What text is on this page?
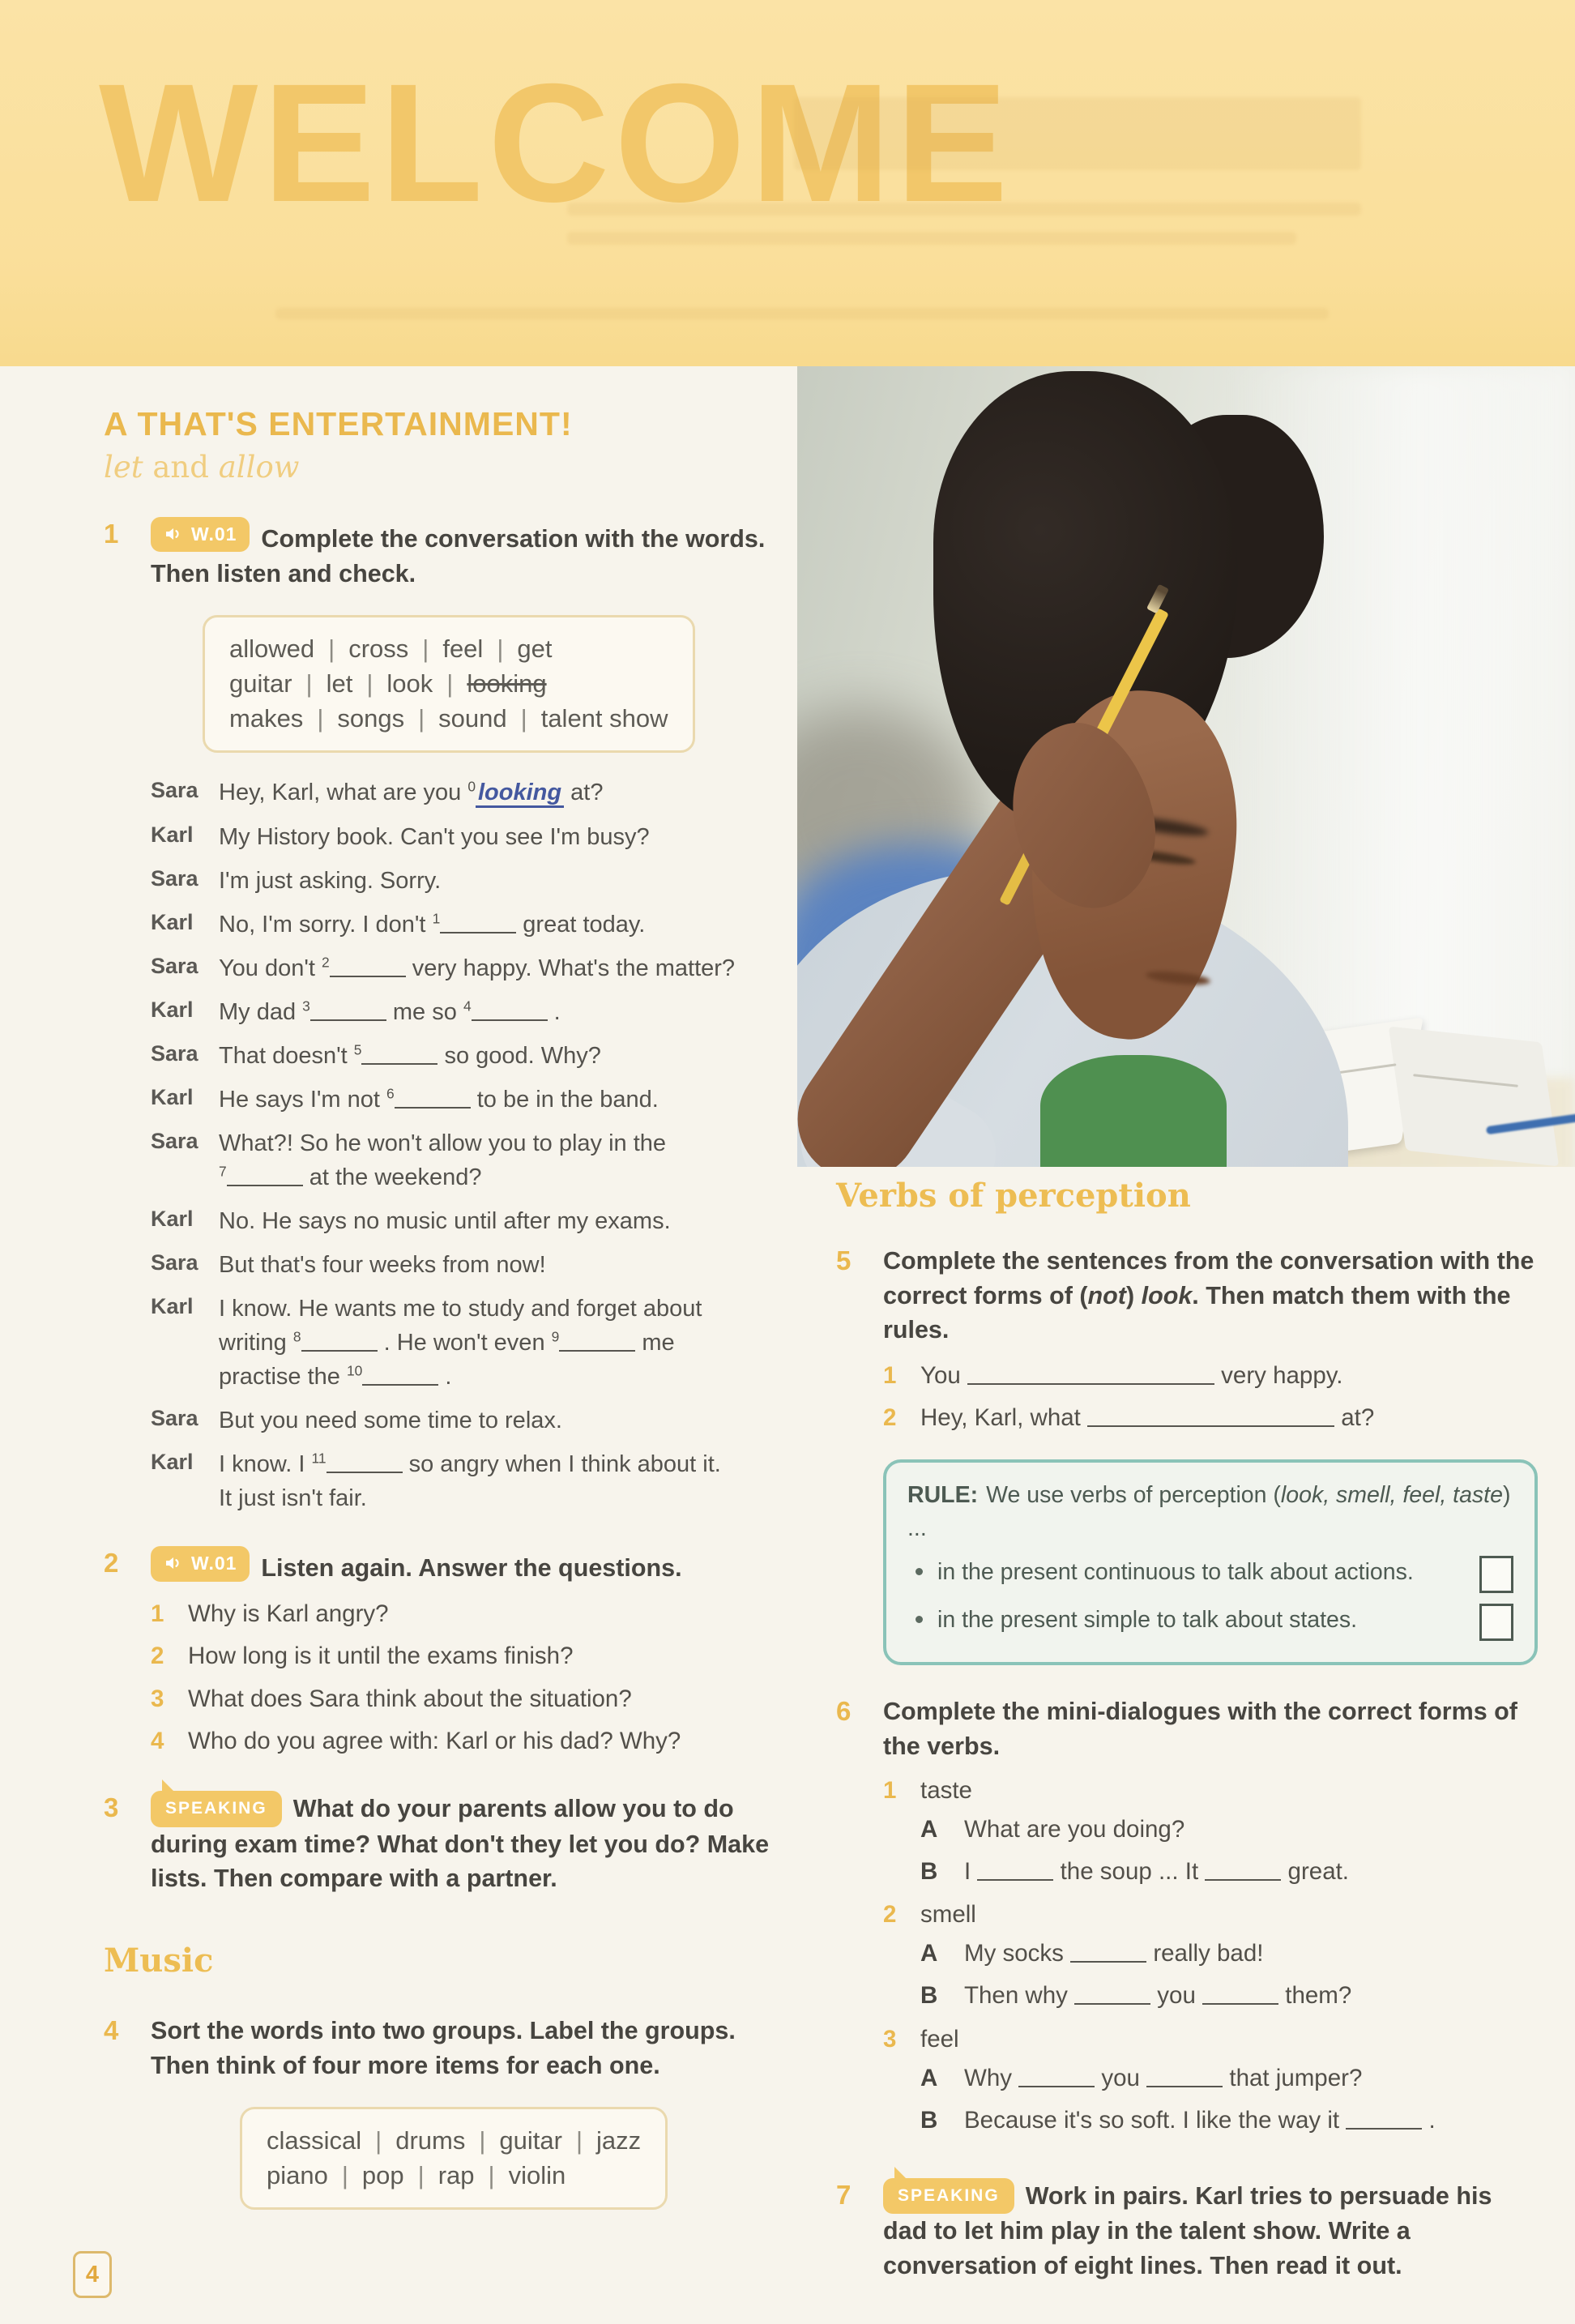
WELCOME
A THAT'S ENTERTAINMENT!
let and allow
1	W.01 Complete the conversation with the words. Then listen and check.
allowed | cross | feel | get
guitar | let | look | looking
makes | songs | sound | talent show
Sara Hey, Karl, what are you $^0$ looking at?
Karl	My History book. Can't you see I'm busy?
Sara I'm just asking. Sorry.
Karl	No, I'm sorry. I don't $^1$	great today.
Sara You don't $^2$	very happy. What's the matter?
Karl	My dad $^3$	me so $^4$	.
Sara That doesn't $^5$	so good. Why?
Karl	He says I'm not $^6$	to be in the band.
Sara What?! So he won't allow you to play in the
$^7$	at the weekend?
Karl	No. He says no music until after my exams.
Sara But that's four weeks from now!
Karl	I know. He wants me to study and forget about
writing $^8$	. He won't even $^9$	me
practise the $^{10}$	.
Sara But you need some time to relax.
Karl	I know. I $^{11}$	so angry when I think about it.
It just isn't fair.
2	W.01 Listen again. Answer the questions.
1	Why is Karl angry?
2	How long is it until the exams finish?
3	What does Sara think about the situation?
4	Who do you agree with: Karl or his dad? Why?
3	SPEAKING What do your parents allow you to do during exam time? What don't they let you do? Make lists. Then compare with a partner.
Music
4	Sort the words into two groups. Label the groups. Then think of four more items for each one.
classical | drums | guitar | jazz
piano | pop | rap | violin
Verbs of perception
5	Complete the sentences from the conversation with the correct forms of (not) look. Then match them with the rules.
1	You	very happy.
2	Hey, Karl, what	at?
RULE: We use verbs of perception (look, smell, feel, taste) ...
in the present continuous to talk about actions.
in the present simple to talk about states.
6	Complete the mini-dialogues with the correct forms of the verbs.
1	taste
A	What are you doing?
B	I	the soup ... It	great.
2	smell
A	My socks	really bad!
B	Then why	you	them?
3	feel
A	Why	you	that jumper?
B	Because it's so soft. I like the way it	.
7	SPEAKING Work in pairs. Karl tries to persuade his dad to let him play in the talent show. Write a conversation of eight lines. Then read it out.
4
